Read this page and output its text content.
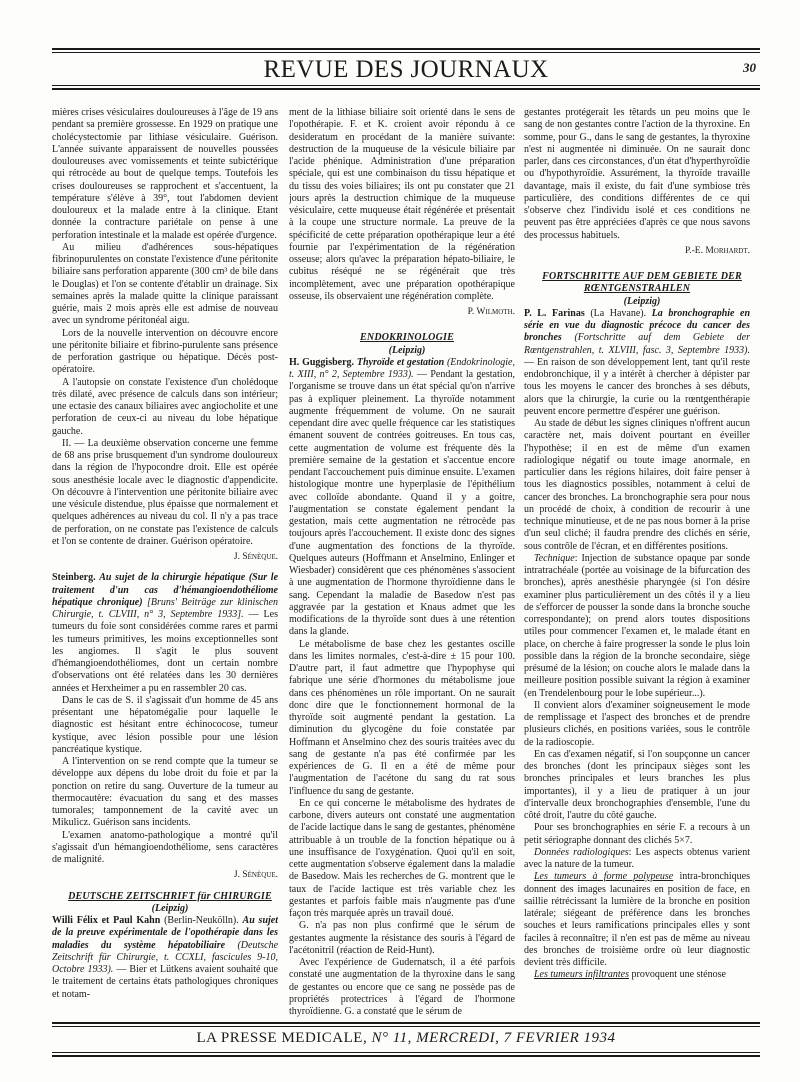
REVUE DES JOURNAUX	30

mières crises vésiculaires douloureuses à l'âge de 19 ans pendant sa première grossesse. En 1929 on pratique une cholécystectomie par lithiase vésiculaire. Guérison. L'année suivante apparaissent de nouvelles poussées douloureuses avec vomissements et teinte subictérique qui rétrocède au bout de quelque temps. Toutefois les crises douloureuses se rapprochent et s'accentuent, la température s'élève à 39°, tout l'abdomen devient douloureux et la malade entre à la clinique. Etant donnée la contracture pariétale on pense à une perforation intestinale et la malade est opérée d'urgence.

Au milieu d'adhérences sous-hépatiques fibrinopurulentes on constate l'existence d'une péritonite biliaire sans perforation apparente (300 cm³ de bile dans le Douglas) et l'on se contente d'établir un drainage. Six semaines après la malade quitte la clinique paraissant guérie, mais 2 mois après elle est admise de nouveau avec un syndrome péritonéal aigu.

Lors de la nouvelle intervention on découvre encore une péritonite biliaire et fibrino-purulente sans présence de perforation gastrique ou hépatique. Décès post-opératoire.

A l'autopsie on constate l'existence d'un cholédoque très dilaté, avec présence de calculs dans son intérieur; une ectasie des canaux biliaires avec angiocholite et une perforation de ceux-ci au niveau du lobe hépatique gauche.

II. — La deuxième observation concerne une femme de 68 ans prise brusquement d'un syndrome douloureux dans la région de l'hypocondre droit. Elle est opérée sous anesthésie locale avec le diagnostic d'appendicite. On découvre à l'intervention une péritonite biliaire avec une vésicule distendue, plus épaisse que normalement et quelques adhérences au niveau du col. Il n'y a pas trace de perforation, on ne constate pas l'existence de calculs et l'on se contente de drainer. Guérison opératoire.

J. Sénèque.

Steinberg. Au sujet de la chirurgie hépatique (Sur le traitement d'un cas d'hémangioendothéliome hépatique chronique) [Bruns' Beiträge zur klinischen Chirurgie, t. CLVIII, n° 3, Septembre 1933]. — Les tumeurs du foie sont considérées comme rares et parmi les tumeurs primitives, les moins exceptionnelles sont les angiomes. Il s'agit le plus souvent d'hémangioendothéliomes, dont un certain nombre d'observations ont été relatées dans les 30 dernières années et Herxheimer a pu en rassembler 20 cas.

Dans le cas de S. il s'agissait d'un homme de 45 ans présentant une hépatomégalie pour laquelle le diagnostic est hésitant entre échinococose, tumeur kystique, avec lésion possible pour une lésion pancréatique kystique.

A l'intervention on se rend compte que la tumeur se développe aux dépens du lobe droit du foie et par la ponction on retire du sang. Ouverture de la tumeur au thermocautère: évacuation du sang et des masses tumorales; tamponnement de la cavité avec un Mikulicz. Guérison sans incidents.

L'examen anatomo-pathologique a montré qu'il s'agissait d'un hémangioendothéliome, sens caractères de malignité.

J. Sénèque.

DEUTSCHE ZEITSCHRIFT für CHIRURGIE

(Leipzig)

Willi Félix et Paul Kahn (Berlin-Neukölln). Au sujet de la preuve expérimentale de l'opothérapie dans les maladies du système hépatobiliaire (Deutsche Zeitschrift für Chirurgie, t. CCXLI, fascicules 9-10, Octobre 1933). — Bier et Lütkens avaient souhaité que le traitement de certains états pathologiques chroniques et notam-

ment de la lithiase biliaire soit orienté dans le sens de l'opothérapie. F. et K. croient avoir répondu à ce desideratum en procédant de la manière suivante: destruction de la muqueuse de la vésicule biliaire par l'acide phénique. Administration d'une préparation spéciale, qui est une combinaison du tissu hépatique et du tissu des voies biliaires; ils ont pu constater que 21 jours après la destruction chimique de la muqueuse vésiculaire, cette muqueuse était régénérée et présentait à la coupe une structure normale. La preuve de la spécificité de cette préparation opothérapique leur a été fournie par l'expérimentation de la régénération osseuse; alors qu'avec la préparation hépato-biliaire, le cubitus réséqué ne se régénérait que très incomplètement, avec une préparation opothérapique osseuse, ils observaient une régénération complète.

P. Wilmoth.

ENDOKRINOLOGIE

(Leipzig)

H. Guggisberg. Thyroïde et gestation (Endokrinologie, t. XIII, n° 2, Septembre 1933). — Pendant la gestation, l'organisme se trouve dans un état spécial qu'on n'arrive pas à expliquer pleinement. La thyroïde notamment augmente fréquemment de volume. On ne saurait cependant dire avec quelle fréquence car les statistiques émanent souvent de contrées goitreuses. En tous cas, cette augmentation de volume est fréquente dès la première semaine de la gestation et s'accentue encore pendant l'accouchement puis diminue ensuite. L'examen histologique montre une hyperplasie de l'épithélium avec colloïde abondante. Quand il y a goitre, l'augmentation se constate également pendant la gestation, mais cette augmentation ne rétrocède pas toujours après l'accouchement. Il existe donc des signes d'une augmentation des fonctions de la thyroïde. Quelques auteurs (Hoffmann et Anselmino, Enlinger et Wiesbader) considèrent que ces phénomènes s'associent à une augmentation de l'hormone thyroïdienne dans le sang. Cependant la maladie de Basedow n'est pas aggravée par la gestation et Knaus admet que les modifications de la thyroïde sont dues à une rétention dans la glande.

Le métabolisme de base chez les gestantes oscille dans les limites normales, c'est-à-dire ± 15 pour 100. D'autre part, il faut admettre que l'hypophyse qui fabrique une série d'hormones du métabolisme joue dans ces phénomènes un rôle important. On ne saurait donc dire que le fonctionnement hormonal de la thyroïde soit augmenté pendant la gestation. La diminution du glycogène du foie constatée par Hoffmann et Anselmino chez des souris traitées avec du sang de gestante n'a pas été confirmée par les expériences de G. Il en a été de même pour l'augmentation de l'acétone du sang du rat sous l'influence du sang de gestante.

En ce qui concerne le métabolisme des hydrates de carbone, divers auteurs ont constaté une augmentation de l'acide lactique dans le sang de gestantes, phénomène attribuable à un trouble de la fonction hépatique ou à une insuffisance de l'oxygénation. Quoi qu'il en soit, cette augmentation s'observe également dans la maladie de Basedow. Mais les recherches de G. montrent que le taux de l'acide lactique est très variable chez les gestantes et parfois faible mais n'augmente pas d'une façon très marquée après un travail doué.

G. n'a pas non plus confirmé que le sérum de gestantes augmente la résistance des souris à l'égard de l'acétonitril (réaction de Reid-Hunt).

Avec l'expérience de Gudernatsch, il a été parfois constaté une augmentation de la thyroxine dans le sang de gestantes ou encore que ce sang ne possède pas de propriétés protectrices à l'égard de l'hormone thyroïdienne. G. a constaté que le sérum de

gestantes protégerait les têtards un peu moins que le sang de non gestantes contre l'action de la thyroxine. En somme, pour G., dans le sang de gestantes, la thyroxine n'est ni augmentée ni diminuée. On ne saurait donc parler, dans ces circonstances, d'un état d'hyperthyroïdie ou d'hypothyroïdie. Assurément, la thyroïde travaille davantage, mais il existe, du fait d'une symbiose très particulière, des conditions différentes de ce qui s'observe chez l'individu isolé et ces conditions ne peuvent pas être appréciées d'après ce que nous savons des processus habituels.

P.-E. Morhardt.

FORTSCHRITTE AUF DEM GEBIETE DER RŒNTGENSTRAHLEN

(Leipzig)

P. L. Farinas (La Havane). La bronchographie en série en vue du diagnostic précoce du cancer des bronches (Fortschritte auf dem Gebiete der Rœntgenstrahlen, t. XLVIII, fasc. 3, Septembre 1933). — En raison de son développement lent, tant qu'il reste endobronchique, il y a intérêt à chercher à dépister par tous les moyens le cancer des bronches à ses débuts, alors que la chirurgie, la curie ou la rœntgenthérapie peuvent encore permettre d'espérer une guérison.

Au stade de début les signes cliniques n'offrent aucun caractère net, mais doivent pourtant en éveiller l'hypothèse; il en est de même d'un examen radiologique négatif ou toute image anormale, en particulier dans les régions hilaires, doit faire penser à tous les diagnostics possibles, notamment à celui de cancer des bronches. La bronchographie sera pour nous un procédé de choix, à condition de recourir à une technique minutieuse, et de ne pas nous borner à la prise d'un seul cliché; il faudra prendre des clichés en série, sous contrôle de l'écran, et en différentes positions.

Technique: Injection de substance opaque par sonde intratrachéale (portée au voisinage de la bifurcation des bronches), après anesthésie pharyngée (si l'on désire examiner plus particulièrement un des côtés il y a lieu de s'efforcer de pousser la sonde dans la bronche souche correspondante); on prend alors toutes dispositions utiles pour commencer l'examen et, le malade étant en place, on cherche à faire progresser la sonde le plus loin possible dans la région de la bronche secondaire, siège présumé de la lésion; on couche alors le malade dans la meilleure position possible suivant la région à examiner (en Trendelenbourg pour le lobe supérieur...).

Il convient alors d'examiner soigneusement le mode de remplissage et l'aspect des bronches et de prendre plusieurs clichés, en positions variées, sous le contrôle de la radioscopie.

En cas d'examen négatif, si l'on soupçonne un cancer des bronches (dont les principaux sièges sont les bronches principales et leurs branches les plus importantes), il y a lieu de pratiquer à un jour d'intervalle deux bronchographies d'ensemble, l'une du côté droit, l'autre du côté gauche.

Pour ses bronchographies en série F. a recours à un petit sériographe donnant des clichés 5×7.

Données radiologiques: Les aspects obtenus varient avec la nature de la tumeur.

Les tumeurs à forme polypeuse intra-bronchiques donnent des images lacunaires en position de face, en saillie rétrécissant la lumière de la bronche en position latérale; siégeant de préférence dans les bronches souches et leurs ramifications principales elles y sont faciles à reconnaître; il n'en est pas de même au niveau des bronches de troisième ordre où leur diagnostic devient très difficile.

Les tumeurs infiltrantes provoquent une sténose

LA PRESSE MEDICALE, N° 11, MERCREDI, 7 FEVRIER 1934
